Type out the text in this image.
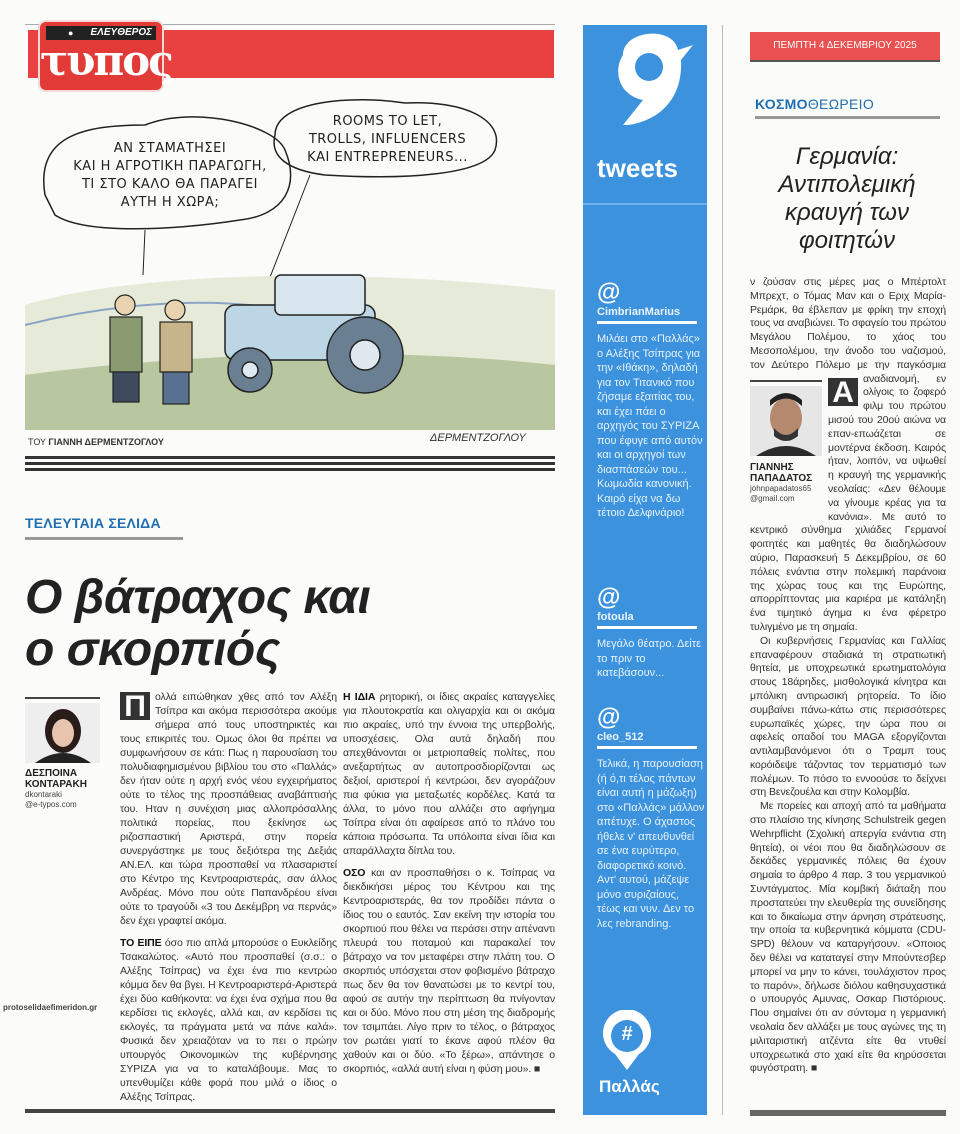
● ΕΛΕΥΘΕΡΟΣ
τυπος
ΑΝ ΣΤΑΜΑΤΗΣΕΙ
ΚΑΙ Η ΑΓΡΟΤΙΚΗ ΠΑΡΑΓΩΓΗ,
ΤΙ ΣΤΟ ΚΑΛΟ ΘΑ ΠΑΡΑΓΕΙ
ΑΥΤΗ Η ΧΩΡΑ;
ROOMS TO LET,
TROLLS, INFLUENCERS
ΚΑΙ ENTREPRENEURS...
ΤΟΥ ΓΙΑΝΝΗ ΔΕΡΜΕΝΤΖΟΓΛΟΥ	ΔΕΡΜΕΝΤΖΟΓΛΟΥ
protoselidaefimeridon.gr
ΤΕΛΕΥΤΑΙΑ ΣΕΛΙΔΑ
Ο βάτραχος και
ο σκορπιός
ΔΕΣΠΟΙΝΑ
ΚΟΝΤΑΡΑΚΗ
dkontaraki
@e-typos.com

Π ολλά ειπώθηκαν χθες από τον Αλέξη Τσίπρα και ακόμα περισσότερα ακούμε σήμερα από τους υποστηρικτές και τους επικριτές του. Ομως όλοι θα πρέπει να συμφωνήσουν σε κάτι: Πως η παρουσίαση του πολυδιαφημισμένου βιβλίου του στο «Παλλάς» δεν ήταν ούτε η αρχή ενός νέου εγχειρήματος ούτε το τέλος της προσπάθειας αναβάπτισής του. Ηταν η συνέχιση μιας αλλοπρόσαλλης πολιτικά πορείας, που ξεκίνησε ως ριζοσπαστική Αριστερά, στην πορεία συνεργάστηκε με τους δεξιότερα της Δεξιάς ΑΝ.ΕΛ. και τώρα προσπαθεί να πλασαριστεί στο Κέντρο της Κεντροαριστεράς, σαν άλλος Ανδρέας. Μόνο που ούτε Παπανδρέου είναι ούτε το τραγούδι «3 του Δεκέμβρη να περνάς» δεν έχει γραφτεί ακόμα.

ΤΟ ΕΙΠΕ όσο πιο απλά μπορούσε ο Ευκλείδης Τσακαλώτος. «Αυτό που προσπαθεί (σ.σ.: ο Αλέξης Τσίπρας) να έχει ένα πιο κεντρώο κόμμα δεν θα βγει. Η Κεντροαριστερά-Αριστερά έχει δύο καθήκοντα: να έχει ένα σχήμα που θα κερδίσει τις εκλογές, αλλά και, αν κερδίσει τις εκλογές, τα πράγματα μετά να πάνε καλά». Φυσικά δεν χρειαζόταν να το πει ο πρώην υπουργός Οικονομικών της κυβέρνησης ΣΥΡΙΖΑ για να το καταλάβουμε. Μας το υπενθυμίζει κάθε φορά που μιλά ο ίδιος ο Αλέξης Τσίπρας.

Η ΙΔΙΑ ρητορική, οι ίδιες ακραίες καταγγελίες για πλουτοκρατία και ολιγαρχία και οι ακόμα πιο ακραίες, υπό την έννοια της υπερβολής, υποσχέσεις. Ολα αυτά δηλαδή που απεχθάνονται οι μετριοπαθείς πολίτες, που ανεξαρτήτως αν αυτοπροσδιορίζονται ως δεξιοί, αριστεροί ή κεντρώοι, δεν αγοράζουν πια φύκια για μεταξωτές κορδέλες. Κατά τα άλλα, το μόνο που αλλάζει στο αφήγημα Τσίπρα είναι ότι αφαίρεσε από το πλάνο του κάποια πρόσωπα. Τα υπόλοιπα είναι ίδια και απαράλλαχτα δίπλα του.

ΟΣΟ και αν προσπαθήσει ο κ. Τσίπρας να διεκδικήσει μέρος του Κέντρου και της Κεντροαριστεράς, θα τον προδίδει πάντα ο ίδιος του ο εαυτός. Σαν εκείνη την ιστορία του σκορπιού που θέλει να περάσει στην απέναντι πλευρά του ποταμού και παρακαλεί τον βάτραχο να τον μεταφέρει στην πλάτη του. Ο σκορπιός υπόσχεται στον φοβισμένο βάτραχο πως δεν θα τον θανατώσει με το κεντρί του, αφού σε αυτήν την περίπτωση θα πνίγονταν και οι δύο. Μόνο που στη μέση της διαδρομής τον τσιμπάει. Λίγο πριν το τέλος, ο βάτραχος τον ρωτάει γιατί το έκανε αφού πλέον θα χαθούν και οι δύο. «Το ξέρω», απάντησε ο σκορπιός, «αλλά αυτή είναι η φύση μου». ■

tweets
@
CimbrianMarius
Μιλάει στο «Παλλάς» ο Αλέξης Τσίπρας για την «Ιθάκη», δηλαδή για τον Τιτανικό που ζήσαμε εξαιτίας του, και έχει πάει ο αρχηγός του ΣΥΡΙΖΑ που έφυγε από αυτόν και οι αρχηγοί των διασπάσεών του... Κωμωδία κανονική. Καιρό είχα να δω τέτοιο Δελφινάριο!
@
fotoula
Μεγάλο θέατρο. Δείτε το πριν το κατεβάσουν...
@
cleo_512
Τελικά, η παρουσίαση (ή ό,τι τέλος πάντων είναι αυτή η μάζωξη) στο «Παλλάς» μάλλον απέτυχε. Ο άχαστος ήθελε ν' απευθυνθεί σε ένα ευρύτερο, διαφορετικό κοινό. Αντ' αυτού, μάζεψε μόνο συριζαίους, τέως και νυν. Δεν το λες rebranding.
#
Παλλάς
ΠΕΜΠΤΗ 4 ΔΕΚΕΜΒΡΙΟΥ 2025
ΚΟΣΜΟΘΕΩΡΕΙΟ
Γερμανία: Αντιπολεμική κραυγή των φοιτητών
ΓΙΑΝΝΗΣ
ΠΑΠΑΔΑΤΟΣ
johnpapadatos65
@gmail.com

Α
ν ζούσαν στις μέρες μας ο Μπέρτολτ Μπρεχτ, ο Τόμας Μαν και ο Εριχ Μαρία-Ρεμάρκ, θα έβλεπαν με φρίκη την εποχή τους να αναβιώνει. Το σφαγείο του πρώτου Μεγάλου Πολέμου, το χάος του Μεσοπολέμου, την άνοδο του ναζισμού, τον Δεύτερο Πόλεμο με την παγκόσμια αναδιανομή, εν ολίγοις το ζοφερό φιλμ του πρώτου μισού του 20ού αιώνα να επαν-επωάζεται σε μοντέρνα έκδοση. Καιρός ήταν, λοιπόν, να υψωθεί η κραυγή της γερμανικής νεολαίας: «Δεν θέλουμε να γίνουμε κρέας για τα κανόνια». Με αυτό το κεντρικό σύνθημα χιλιάδες Γερμανοί φοιτητές και μαθητές θα διαδηλώσουν αύριο, Παρασκευή 5 Δεκεμβρίου, σε 60 πόλεις ενάντια στην πολεμική παράνοια της χώρας τους και της Ευρώπης, απορρίπτοντας μια καριέρα με κατάληξη ένα τιμητικό άγημα κι ένα φέρετρο τυλιγμένο με τη σημαία.

Οι κυβερνήσεις Γερμανίας και Γαλλίας επαναφέρουν σταδιακά τη στρατιωτική θητεία, με υποχρεωτικά ερωτηματολόγια στους 18άρηδες, μισθολογικά κίνητρα και μπόλικη αντιρωσική ρητορεία. Το ίδιο συμβαίνει πάνω-κάτω στις περισσότερες ευρωπαϊκές χώρες, την ώρα που οι αφελείς οπαδοί του MAGA εξοργίζονται αντιλαμβανόμενοι ότι ο Τραμπ τους κορόιδεψε τάζοντας τον τερματισμό των πολέμων. Το πόσο το εννοούσε το δείχνει στη Βενεζουέλα και στην Κολομβία.

Με πορείες και αποχή από τα μαθήματα στο πλαίσιο της κίνησης Schulstreik gegen Wehrpflicht (Σχολική απεργία ενάντια στη θητεία), οι νέοι που θα διαδηλώσουν σε δεκάδες γερμανικές πόλεις θα έχουν σημαία το άρθρο 4 παρ. 3 του γερμανικού Συντάγματος. Μία κομβική διάταξη που προστατεύει την ελευθερία της συνείδησης και το δικαίωμα στην άρνηση στράτευσης, την οποία τα κυβερνητικά κόμματα (CDU-SPD) θέλουν να καταργήσουν. «Οποιος δεν θέλει να καταταγεί στην Μπούντεσβερ μπορεί να μην το κάνει, τουλάχιστον προς το παρόν», δήλωσε διόλου καθησυχαστικά ο υπουργός Αμυνας, Οσκαρ Πιστόριους. Που σημαίνει ότι αν σύντομα η γερμανική νεολαία δεν αλλάξει με τους αγώνες της τη μιλιταριστική ατζέντα είτε θα ντυθεί υποχρεωτικά στο χακί είτε θα κηρύσσεται φυγόστρατη. ■
